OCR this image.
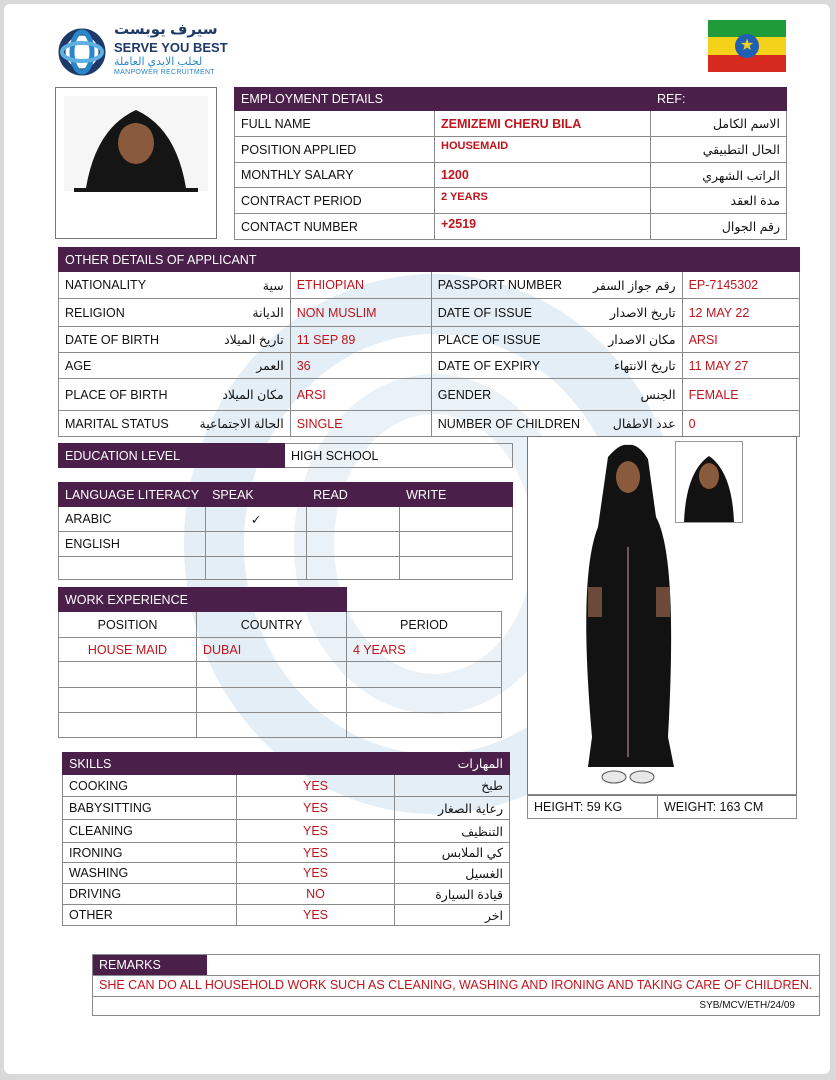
سيرف يوبست
SERVE YOU BEST
لجلب الايدي العاملة
MANPOWER RECRUITMENT
★
EMPLOYMENT DETAILS		REF:
FULL NAME	ZEMIZEMI CHERU BILA	الاسم الكامل
POSITION APPLIED	HOUSEMAID	الحال التطبيقي
MONTHLY SALARY	1200	الراتب الشهري
CONTRACT PERIOD	2 YEARS	مدة العقد
CONTACT NUMBER	+2519	رقم الجوال
OTHER DETAILS OF APPLICANT					
NATIONALITY	سية	ETHIOPIAN	PASSPORT NUMBER	رقم جواز السفر	EP-7145302
RELIGION	الديانة	NON MUSLIM	DATE OF ISSUE	تاريخ الاصدار	12 MAY 22
DATE OF BIRTH	تاريخ الميلاد	11 SEP 89	PLACE OF ISSUE	مكان الاصدار	ARSI
AGE	العمر	36	DATE OF EXPIRY	تاريخ الانتهاء	11 MAY 27
PLACE OF BIRTH	مكان الميلاد	ARSI	GENDER	الجنس	FEMALE
MARITAL STATUS	الحالة الاجتماعية	SINGLE	NUMBER OF CHILDREN	عدد الاطفال	0
EDUCATION LEVEL	HIGH SCHOOL
LANGUAGE LITERACY	SPEAK	READ	WRITE
ARABIC	✓		
ENGLISH			

WORK EXPERIENCE		
POSITION	COUNTRY	PERIOD
HOUSE MAID	DUBAI	4 YEARS

SKILLS		المهارات
COOKING	YES	طبخ
BABYSITTING	YES	رعاية الصغار
CLEANING	YES	التنظيف
IRONING	YES	كي الملابس
WASHING	YES	الغسيل
DRIVING	NO	قيادة السيارة
OTHER	YES	اخر
HEIGHT: 59 KG	WEIGHT: 163 CM
REMARKS
SHE CAN DO ALL HOUSEHOLD WORK SUCH AS CLEANING, WASHING AND IRONING AND TAKING CARE OF CHILDREN.
SYB/MCV/ETH/24/09
